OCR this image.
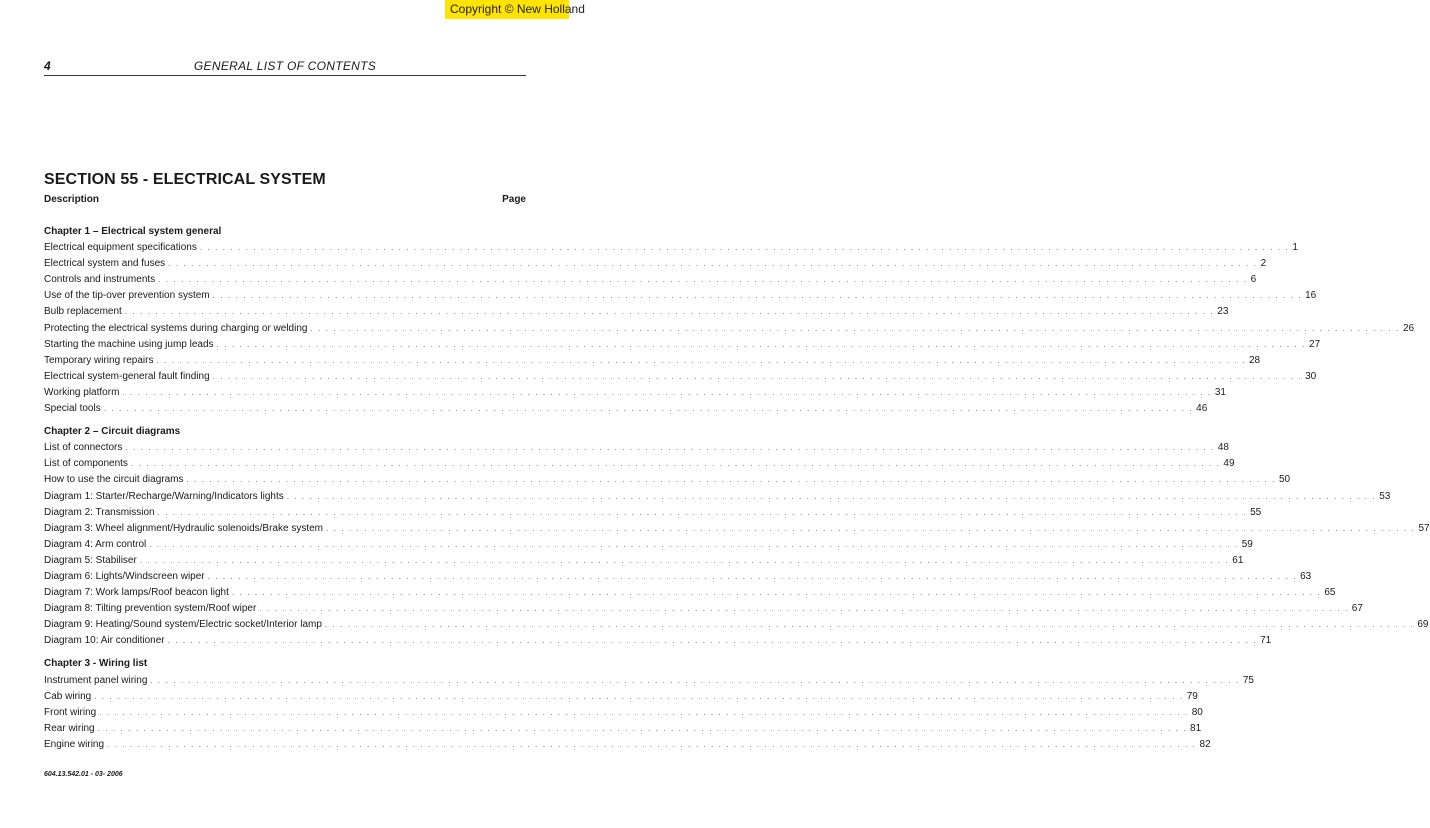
Copyright © New Holland
4	GENERAL LIST OF CONTENTS
SECTION 55 - ELECTRICAL SYSTEM
Description	Page
Chapter 1 – Electrical system general
Electrical equipment specifications . . .	1
Electrical system and fuses . . .	2
Controls and instruments . . .	6
Use of the tip-over prevention system . . .	16
Bulb replacement . . .	23
Protecting the electrical systems during charging or welding . . .	26
Starting the machine using jump leads . . .	27
Temporary wiring repairs . . .	28
Electrical system-general fault finding . . .	30
Working platform . . .	31
Special tools . . .	46
Chapter 2 – Circuit diagrams
List of connectors . . .	48
List of components . . .	49
How to use the circuit diagrams . . .	50
Diagram 1: Starter/Recharge/Warning/Indicators lights . . .	53
Diagram 2: Transmission . . .	55
Diagram 3: Wheel alignment/Hydraulic solenoids/Brake system . . .	57
Diagram 4: Arm control . . .	59
Diagram 5: Stabiliser . . .	61
Diagram 6: Lights/Windscreen wiper . . .	63
Diagram 7: Work lamps/Roof beacon light . . .	65
Diagram 8: Tilting prevention system/Roof wiper . . .	67
Diagram 9: Heating/Sound system/Electric socket/Interior lamp . . .	69
Diagram 10: Air conditioner . . .	71
Chapter 3 - Wiring list
Instrument panel wiring . . .	75
Cab wiring . . .	79
Front wiring . . .	80
Rear wiring . . .	81
Engine wiring . . .	82
604.13.542.01 - 03- 2006
